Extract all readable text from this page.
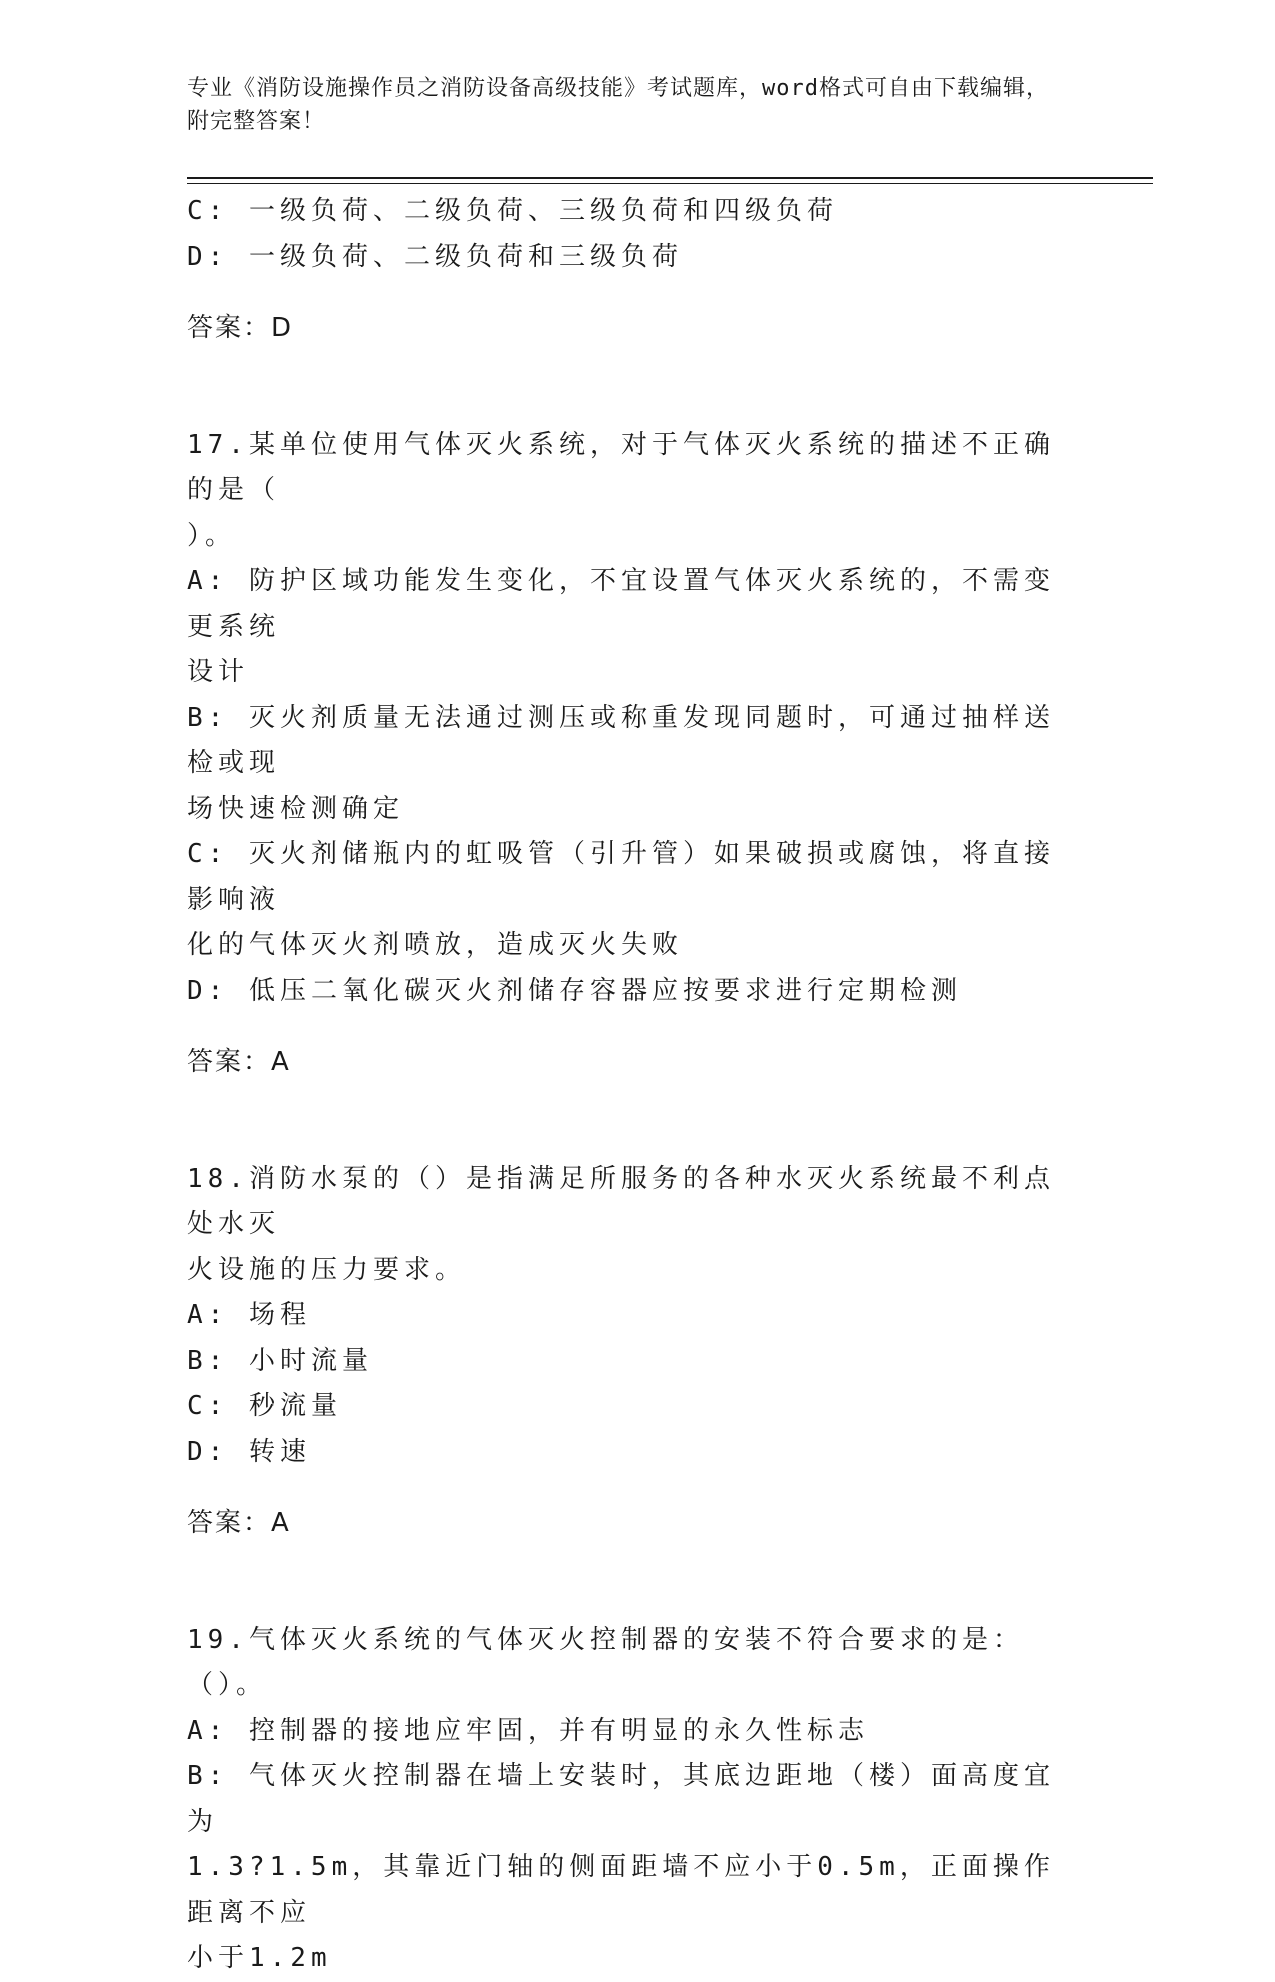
专业《消防设施操作员之消防设备高级技能》考试题库，word格式可自由下载编辑，附完整答案！

C: 一级负荷、二级负荷、三级负荷和四级负荷

D: 一级负荷、二级负荷和三级负荷

答案：D

17.某单位使用气体灭火系统，对于气体灭火系统的描述不正确的是（

）。

A: 防护区域功能发生变化，不宜设置气体灭火系统的，不需变更系统

设计

B: 灭火剂质量无法通过测压或称重发现同题时，可通过抽样送检或现

场快速检测确定

C: 灭火剂储瓶内的虹吸管（引升管）如果破损或腐蚀，将直接影响液

化的气体灭火剂喷放，造成灭火失败

D: 低压二氧化碳灭火剂储存容器应按要求进行定期检测

答案：A

18.消防水泵的（）是指满足所服务的各种水灭火系统最不利点处水灭

火设施的压力要求。

A: 场程

B: 小时流量

C: 秒流量

D: 转速

答案：A

19.气体灭火系统的气体灭火控制器的安装不符合要求的是：（）。

A: 控制器的接地应牢固，并有明显的永久性标志

B: 气体灭火控制器在墙上安装时，其底边距地（楼）面高度宜为

1.3?1.5m，其靠近门轴的侧面距墙不应小于0.5m，正面操作距离不应

小于1.2m
